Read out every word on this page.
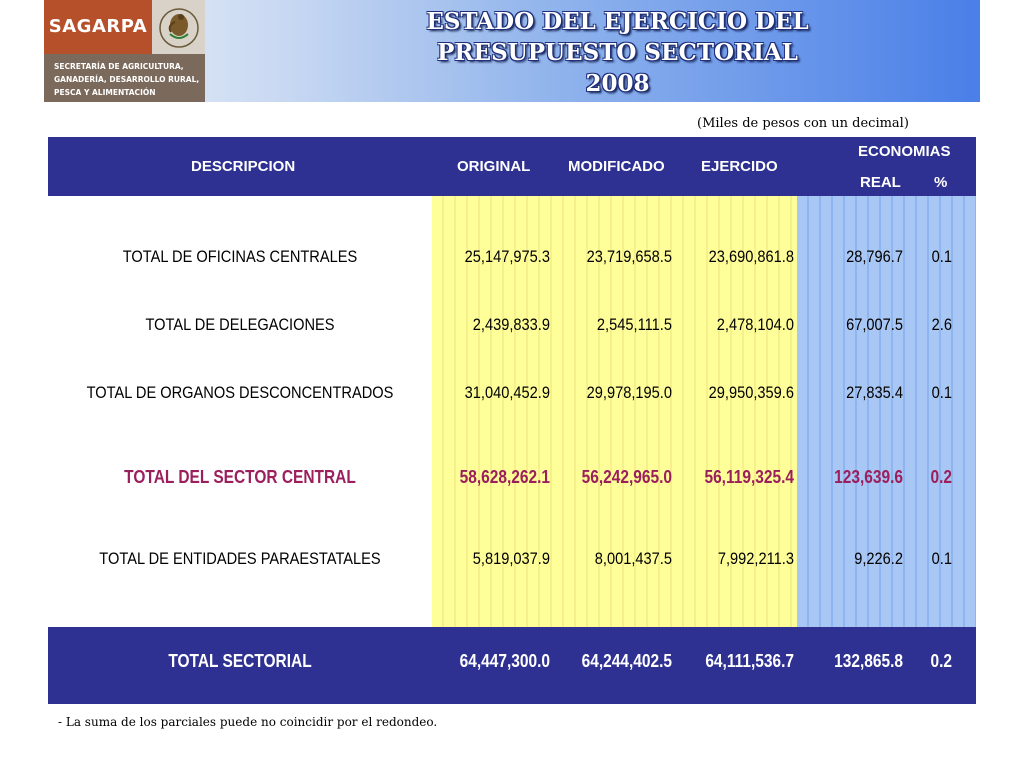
SAGARPA
SECRETARÍA DE AGRICULTURA,
GANADERÍA, DESARROLLO RURAL,
PESCA Y ALIMENTACIÓN
ESTADO DEL EJERCICIO DEL
PRESUPUESTO SECTORIAL
2008
(Miles de pesos con un decimal)
DESCRIPCION	ORIGINAL	MODIFICADO EJERCIDO
ECONOMIAS
REAL %
TOTAL DE OFICINAS CENTRALES	25,147,975.3	23,719,658.5	23,690,861.8	28,796.7	0.1
TOTAL DE DELEGACIONES	2,439,833.9	2,545,111.5	2,478,104.0	67,007.5	2.6
TOTAL DE ORGANOS DESCONCENTRADOS	31,040,452.9	29,978,195.0	29,950,359.6	27,835.4	0.1
TOTAL DEL SECTOR CENTRAL	58,628,262.1	56,242,965.0	56,119,325.4	123,639.6	0.2
TOTAL DE ENTIDADES PARAESTATALES	5,819,037.9	8,001,437.5	7,992,211.3	9,226.2	0.1
TOTAL SECTORIAL	64,447,300.0	64,244,402.5	64,111,536.7	132,865.8	0.2
- La suma de los parciales puede no coincidir por el redondeo.
